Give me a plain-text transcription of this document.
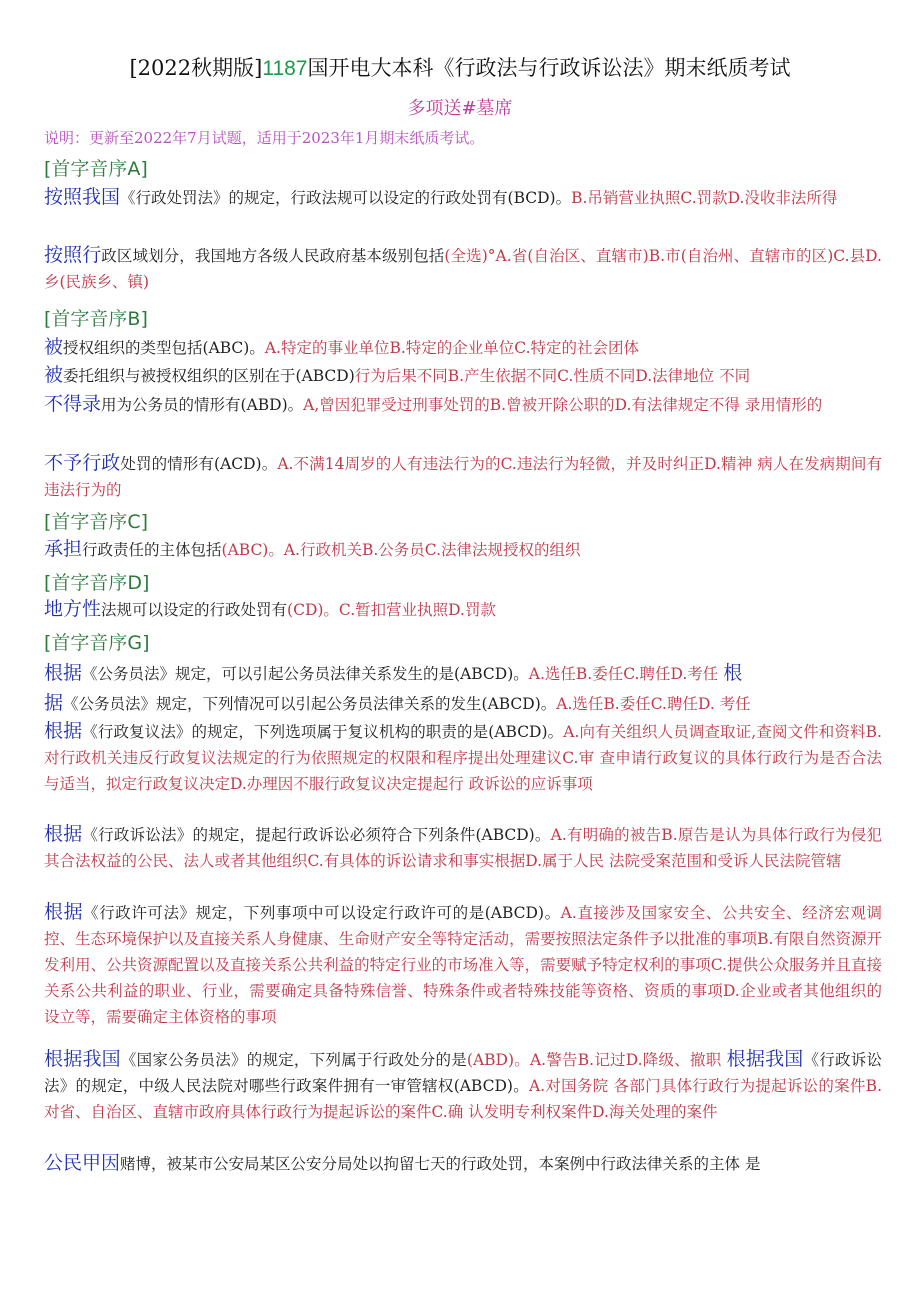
[2022秋期版]1187国开电大本科《行政法与行政诉讼法》期末纸质考试
多项送#墓席
说明：更新至2022年7月试题，适用于2023年1月期末纸质考试。
[首字音序A]
按照我国《行政处罚法》的规定，行政法规可以设定的行政处罚有(BCD)。B.吊销营业执照C.罚款D.没收非法所得
按照行政区域划分，我国地方各级人民政府基本级别包括(全选)°A.省(自治区、直辖市)B.市(自治州、直辖市的区)C.县D.乡(民族乡、镇)
[首字音序B]
被授权组织的类型包括(ABC)。A.特定的事业单位B.特定的企业单位C.特定的社会团体
被委托组织与被授权组织的区别在于(ABCD)行为后果不同B.产生依据不同C.性质不同D.法律地位 不同
不得录用为公务员的情形有(ABD)。A,曾因犯罪受过刑事处罚的B.曾被开除公职的D.有法律规定不得 录用情形的
不予行政处罚的情形有(ACD)。A.不满14周岁的人有违法行为的C.违法行为轻微，并及时纠正D.精神 病人在发病期间有违法行为的
[首字音序C]
承担行政责任的主体包括(ABC)。A.行政机关B.公务员C.法律法规授权的组织
[首字音序D]
地方性法规可以设定的行政处罚有(CD)。C.暂扣营业执照D.罚款
[首字音序G]
根据《公务员法》规定，可以引起公务员法律关系发生的是(ABCD)。A.选任B.委任C.聘任D.考任 根
据《公务员法》规定，下列情况可以引起公务员法律关系的发生(ABCD)。A.选任B.委任C.聘任D. 考任
根据《行政复议法》的规定，下列选项属于复议机构的职责的是(ABCD)。A.向有关组织人员调查取证,查阅文件和资料B.对行政机关违反行政复议法规定的行为依照规定的权限和程序提出处理建议C.审 查申请行政复议的具体行政行为是否合法与适当，拟定行政复议决定D.办理因不服行政复议决定提起行 政诉讼的应诉事项
根据《行政诉讼法》的规定，提起行政诉讼必须符合下列条件(ABCD)。A.有明确的被告B.原告是认为具体行政行为侵犯其合法权益的公民、法人或者其他组织C.有具体的诉讼请求和事实根据D.属于人民 法院受案范围和受诉人民法院管辖
根据《行政许可法》规定，下列事项中可以设定行政许可的是(ABCD)。A.直接涉及国家安全、公共安全、经济宏观调控、生态环境保护以及直接关系人身健康、生命财产安全等特定活动，需要按照法定条件予以批准的事项B.有限自然资源开发利用、公共资源配置以及直接关系公共利益的特定行业的市场准入等，需要赋予特定权利的事项C.提供公众服务并且直接关系公共利益的职业、行业，需要确定具备特殊信誉、特殊条件或者特殊技能等资格、资质的事项D.企业或者其他组织的设立等，需要确定主体资格的事项
根据我国《国家公务员法》的规定，下列属于行政处分的是(ABD)。A.警告B.记过D.降级、撤职 根据我国《行政诉讼法》的规定，中级人民法院对哪些行政案件拥有一审管辖权(ABCD)。A.对国务院 各部门具体行政行为提起诉讼的案件B.对省、自治区、直辖市政府具体行政行为提起诉讼的案件C.确 认发明专利权案件D.海关处理的案件
公民甲因赌博，被某市公安局某区公安分局处以拘留七天的行政处罚，本案例中行政法律关系的主体 是
